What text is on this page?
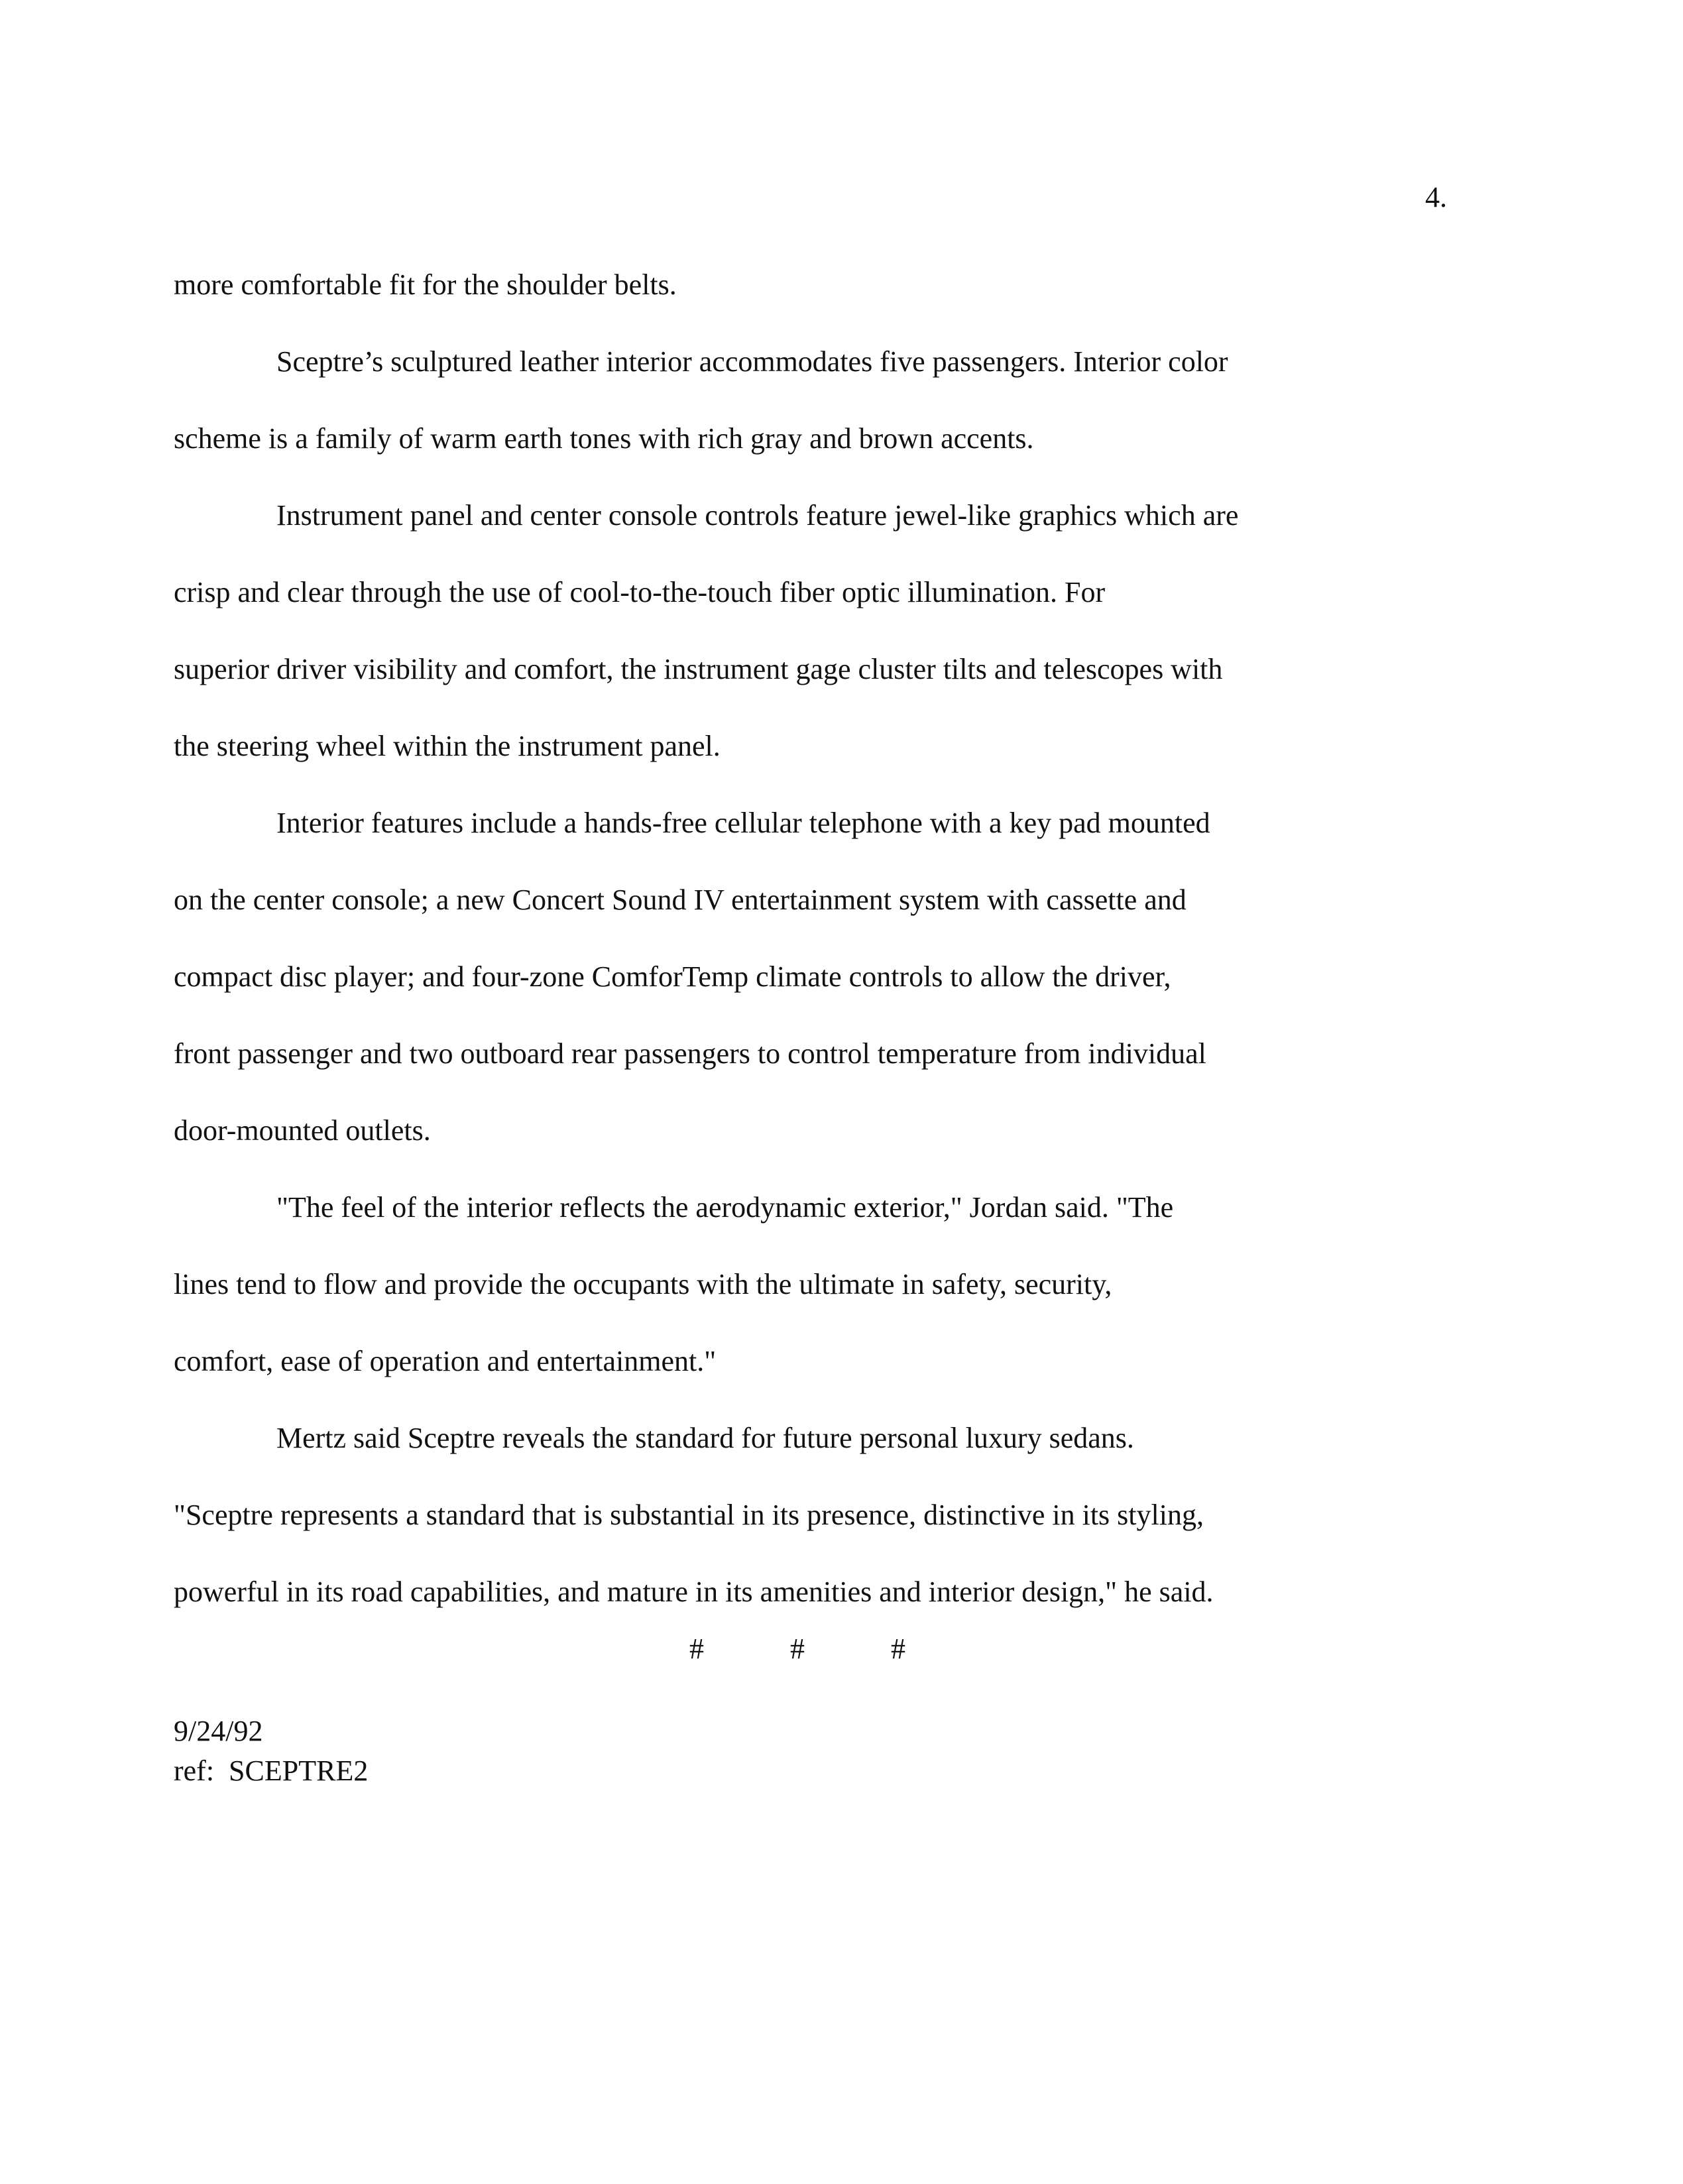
4.

more comfortable fit for the shoulder belts.

Sceptre’s sculptured leather interior accommodates five passengers. Interior color
scheme is a family of warm earth tones with rich gray and brown accents.

Instrument panel and center console controls feature jewel-like graphics which are
crisp and clear through the use of cool-to-the-touch fiber optic illumination. For
superior driver visibility and comfort, the instrument gage cluster tilts and telescopes with
the steering wheel within the instrument panel.

Interior features include a hands-free cellular telephone with a key pad mounted
on the center console; a new Concert Sound IV entertainment system with cassette and
compact disc player; and four-zone ComforTemp climate controls to allow the driver,
front passenger and two outboard rear passengers to control temperature from individual
door-mounted outlets.

"The feel of the interior reflects the aerodynamic exterior," Jordan said. "The
lines tend to flow and provide the occupants with the ultimate in safety, security,
comfort, ease of operation and entertainment."

Mertz said Sceptre reveals the standard for future personal luxury sedans.
"Sceptre represents a standard that is substantial in its presence, distinctive in its styling,
powerful in its road capabilities, and mature in its amenities and interior design," he said.

#	#	#
9/24/92
ref:  SCEPTRE2
